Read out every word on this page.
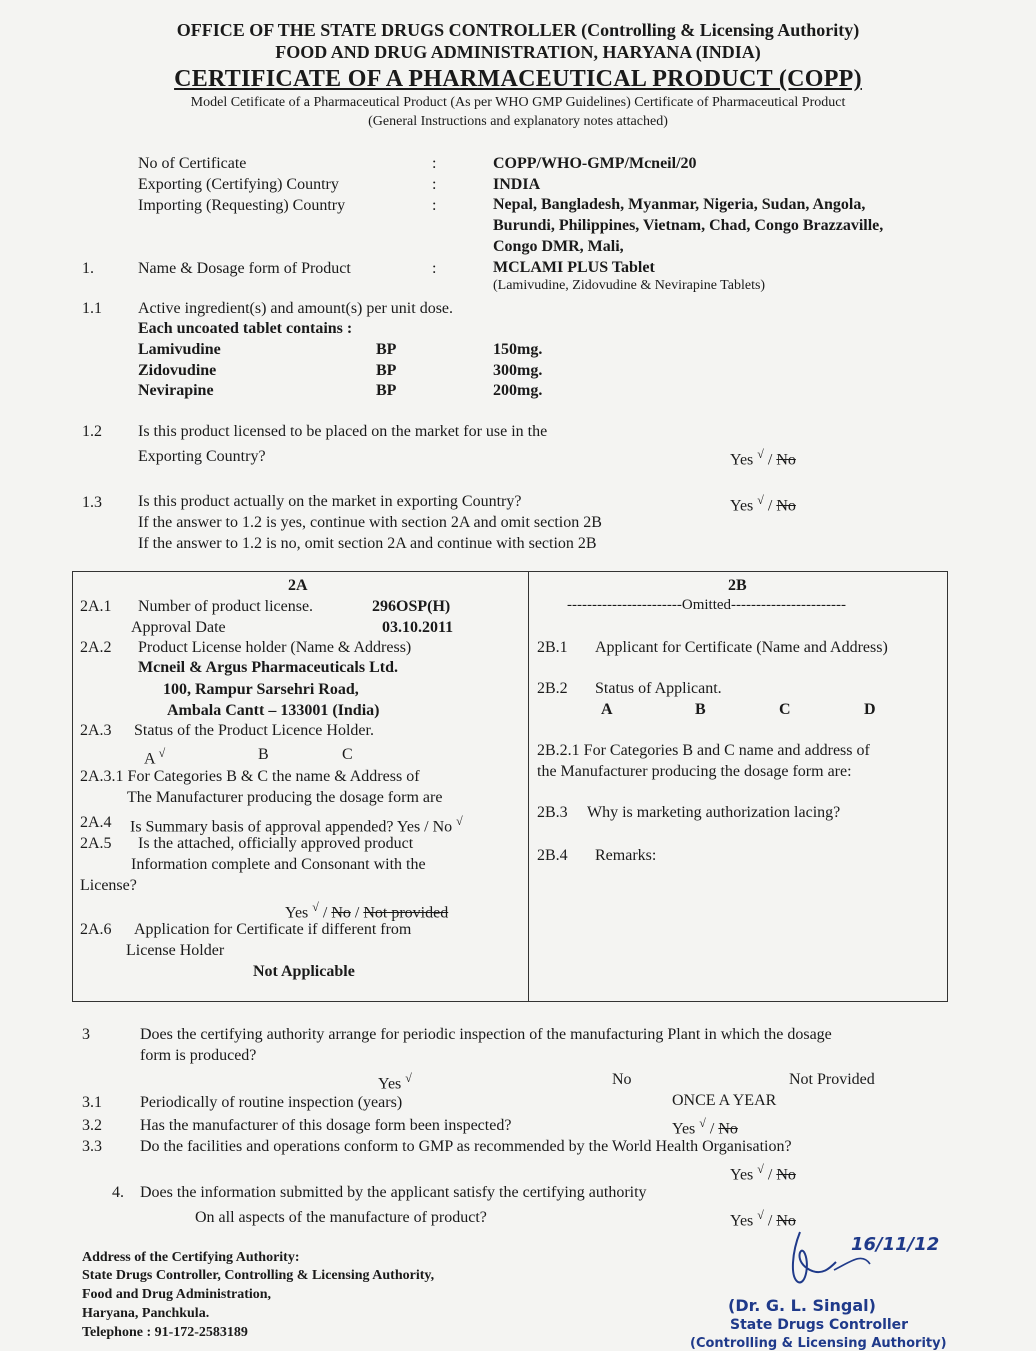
OFFICE OF THE STATE DRUGS CONTROLLER (Controlling & Licensing Authority)
FOOD AND DRUG ADMINISTRATION, HARYANA (INDIA)
CERTIFICATE OF A PHARMACEUTICAL PRODUCT (COPP)
Model Cetificate of a Pharmaceutical Product (As per WHO GMP Guidelines) Certificate of Pharmaceutical Product
(General Instructions and explanatory notes attached)
No of Certificate	:	COPP/WHO-GMP/Mcneil/20
Exporting (Certifying) Country	:	INDIA
Importing (Requesting) Country	:	Nepal, Bangladesh, Myanmar, Nigeria, Sudan, Angola,
Burundi, Philippines, Vietnam, Chad, Congo Brazzaville,
Congo DMR, Mali,
1.	Name & Dosage form of Product	:	MCLAMI PLUS Tablet
(Lamivudine, Zidovudine & Nevirapine Tablets)
1.1 Active ingredient(s) and amount(s) per unit dose.
Each uncoated tablet contains :
Lamivudine	BP	150mg.
Zidovudine	BP	300mg.
Nevirapine	BP	200mg.
1.2 Is this product licensed to be placed on the market for use in the
Exporting Country?	Yes √ / No
1.3 Is this product actually on the market in exporting Country?	Yes √ / No
If the answer to 1.2 is yes, continue with section 2A and omit section 2B
If the answer to 1.2 is no, omit section 2A and continue with section 2B
2A	2B
-----------------------Omitted-----------------------
2A.1 Number of product license.	296OSP(H)
Approval Date	03.10.2011
2A.2 Product License holder (Name & Address)
Mcneil & Argus Pharmaceuticals Ltd.
100, Rampur Sarsehri Road,
Ambala Cantt – 133001 (India)
2A.3 Status of the Product Licence Holder.
A √	B	C
2A.3.1 For Categories B & C the name & Address of
The Manufacturer producing the dosage form are
2A.4 Is Summary basis of approval appended? Yes / No √
2A.5 Is the attached, officially approved product
Information complete and Consonant with the
License?
Yes √ / No / Not provided
2A.6 Application for Certificate if different from
License Holder
Not Applicable
2B.1 Applicant for Certificate (Name and Address)
2B.2 Status of Applicant.
A	B	C	D
2B.2.1 For Categories B and C name and address of
the Manufacturer producing the dosage form are:
2B.3 Why is marketing authorization lacing?
2B.4 Remarks:
3	Does the certifying authority arrange for periodic inspection of the manufacturing Plant in which the dosage
form is produced?
Yes √	No	Not Provided
3.1 Periodically of routine inspection (years)	ONCE A YEAR
3.2 Has the manufacturer of this dosage form been inspected?	Yes √ / No
3.3 Do the facilities and operations conform to GMP as recommended by the World Health Organisation?
Yes √ / No
4. Does the information submitted by the applicant satisfy the certifying authority
On all aspects of the manufacture of product?	Yes √ / No
Address of the Certifying Authority:
State Drugs Controller, Controlling & Licensing Authority,
Food and Drug Administration,
Haryana, Panchkula.
Telephone : 91-172-2583189
16/11/12
(Dr. G. L. Singal)
State Drugs Controller
(Controlling & Licensing Authority)
